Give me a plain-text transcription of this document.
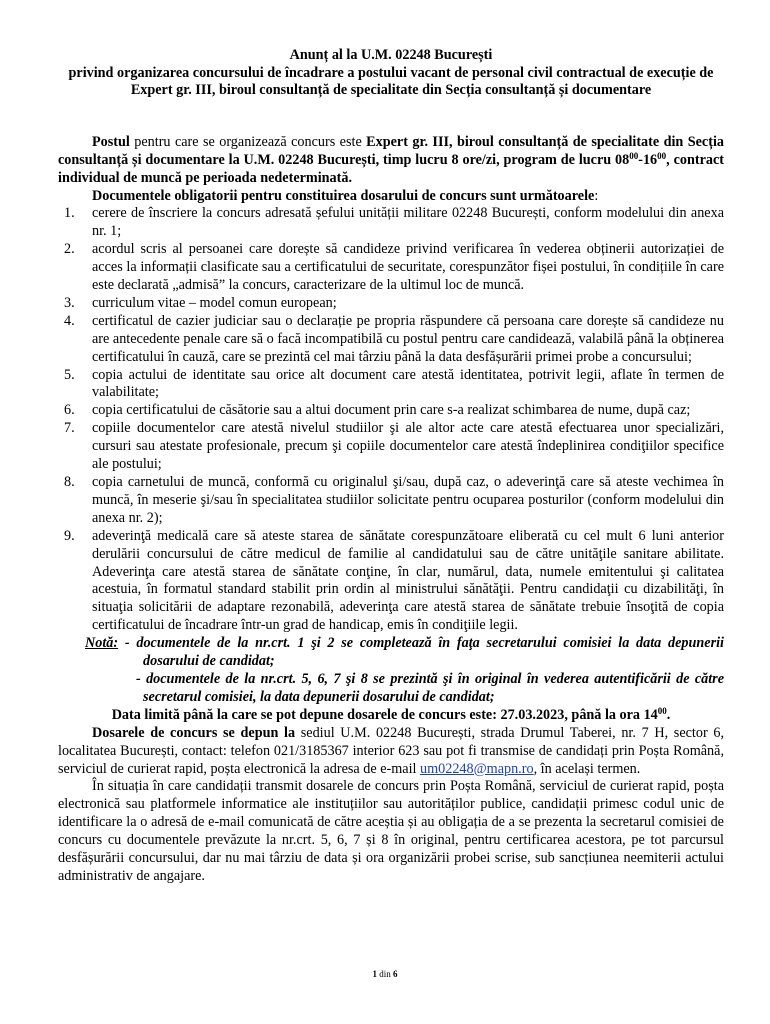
Anunț al la U.M. 02248 București
privind organizarea concursului de încadrare a postului vacant de personal civil contractual de execuție de Expert gr. III, biroul consultanță de specialitate din Secția consultanță și documentare

Postul pentru care se organizează concurs este Expert gr. III, biroul consultanță de specialitate din Secția consultanță și documentare la U.M. 02248 București, timp lucru 8 ore/zi, program de lucru $08^{00}-16^{00}$, contract individual de muncă pe perioada nedeterminată.

Documentele obligatorii pentru constituirea dosarului de concurs sunt următoarele:

1. cerere de înscriere la concurs adresată șefului unității militare 02248 București, conform modelului din anexa nr. 1;
2. acordul scris al persoanei care dorește să candideze privind verificarea în vederea obținerii autorizației de acces la informații clasificate sau a certificatului de securitate, corespunzător fișei postului, în condițiile în care este declarată „admisă” la concurs, caracterizare de la ultimul loc de muncă.
3. curriculum vitae – model comun european;
4. certificatul de cazier judiciar sau o declarație pe propria răspundere că persoana care dorește să candideze nu are antecedente penale care să o facă incompatibilă cu postul pentru care candidează, valabilă până la obținerea certificatului în cauză, care se prezintă cel mai târziu până la data desfășurării primei probe a concursului;
5. copia actului de identitate sau orice alt document care atestă identitatea, potrivit legii, aflate în termen de valabilitate;
6. copia certificatului de căsătorie sau a altui document prin care s-a realizat schimbarea de nume, după caz;
7. copiile documentelor care atestă nivelul studiilor şi ale altor acte care atestă efectuarea unor specializări, cursuri sau atestate profesionale, precum şi copiile documentelor care atestă îndeplinirea condiţiilor specifice ale postului;
8. copia carnetului de muncă, conformă cu originalul şi/sau, după caz, o adeverinţă care să ateste vechimea în muncă, în meserie şi/sau în specialitatea studiilor solicitate pentru ocuparea posturilor (conform modelului din anexa nr. 2);
9. adeverinţă medicală care să ateste starea de sănătate corespunzătoare eliberată cu cel mult 6 luni anterior derulării concursului de către medicul de familie al candidatului sau de către unităţile sanitare abilitate. Adeverinţa care atestă starea de sănătate conţine, în clar, numărul, data, numele emitentului şi calitatea acestuia, în formatul standard stabilit prin ordin al ministrului sănătăţii. Pentru candidaţii cu dizabilităţi, în situaţia solicitării de adaptare rezonabilă, adeverinţa care atestă starea de sănătate trebuie însoţită de copia certificatului de încadrare într-un grad de handicap, emis în condiţiile legii.
Notă: - documentele de la nr.crt. 1 şi 2 se completează în faţa secretarului comisiei la data depunerii dosarului de candidat;
- documentele de la nr.crt. 5, 6, 7 şi 8 se prezintă şi în original în vederea autentificării de către secretarul comisiei, la data depunerii dosarului de candidat;

Data limită până la care se pot depune dosarele de concurs este: 27.03.2023, până la ora $14^{00}$.

Dosarele de concurs se depun la sediul U.M. 02248 București, strada Drumul Taberei, nr. 7 H, sector 6, localitatea București, contact: telefon 021/3185367 interior 623 sau pot fi transmise de candidați prin Poșta Română, serviciul de curierat rapid, poșta electronică la adresa de e-mail um02248@mapn.ro, în același termen.

În situația în care candidații transmit dosarele de concurs prin Poșta Română, serviciul de curierat rapid, poșta electronică sau platformele informatice ale instituțiilor sau autorităților publice, candidații primesc codul unic de identificare la o adresă de e-mail comunicată de către aceștia și au obligația de a se prezenta la secretarul comisiei de concurs cu documentele prevăzute la nr.crt. 5, 6, 7 și 8 în original, pentru certificarea acestora, pe tot parcursul desfășurării concursului, dar nu mai târziu de data și ora organizării probei scrise, sub sancțiunea neemiterii actului administrativ de angajare.

1 din 6
